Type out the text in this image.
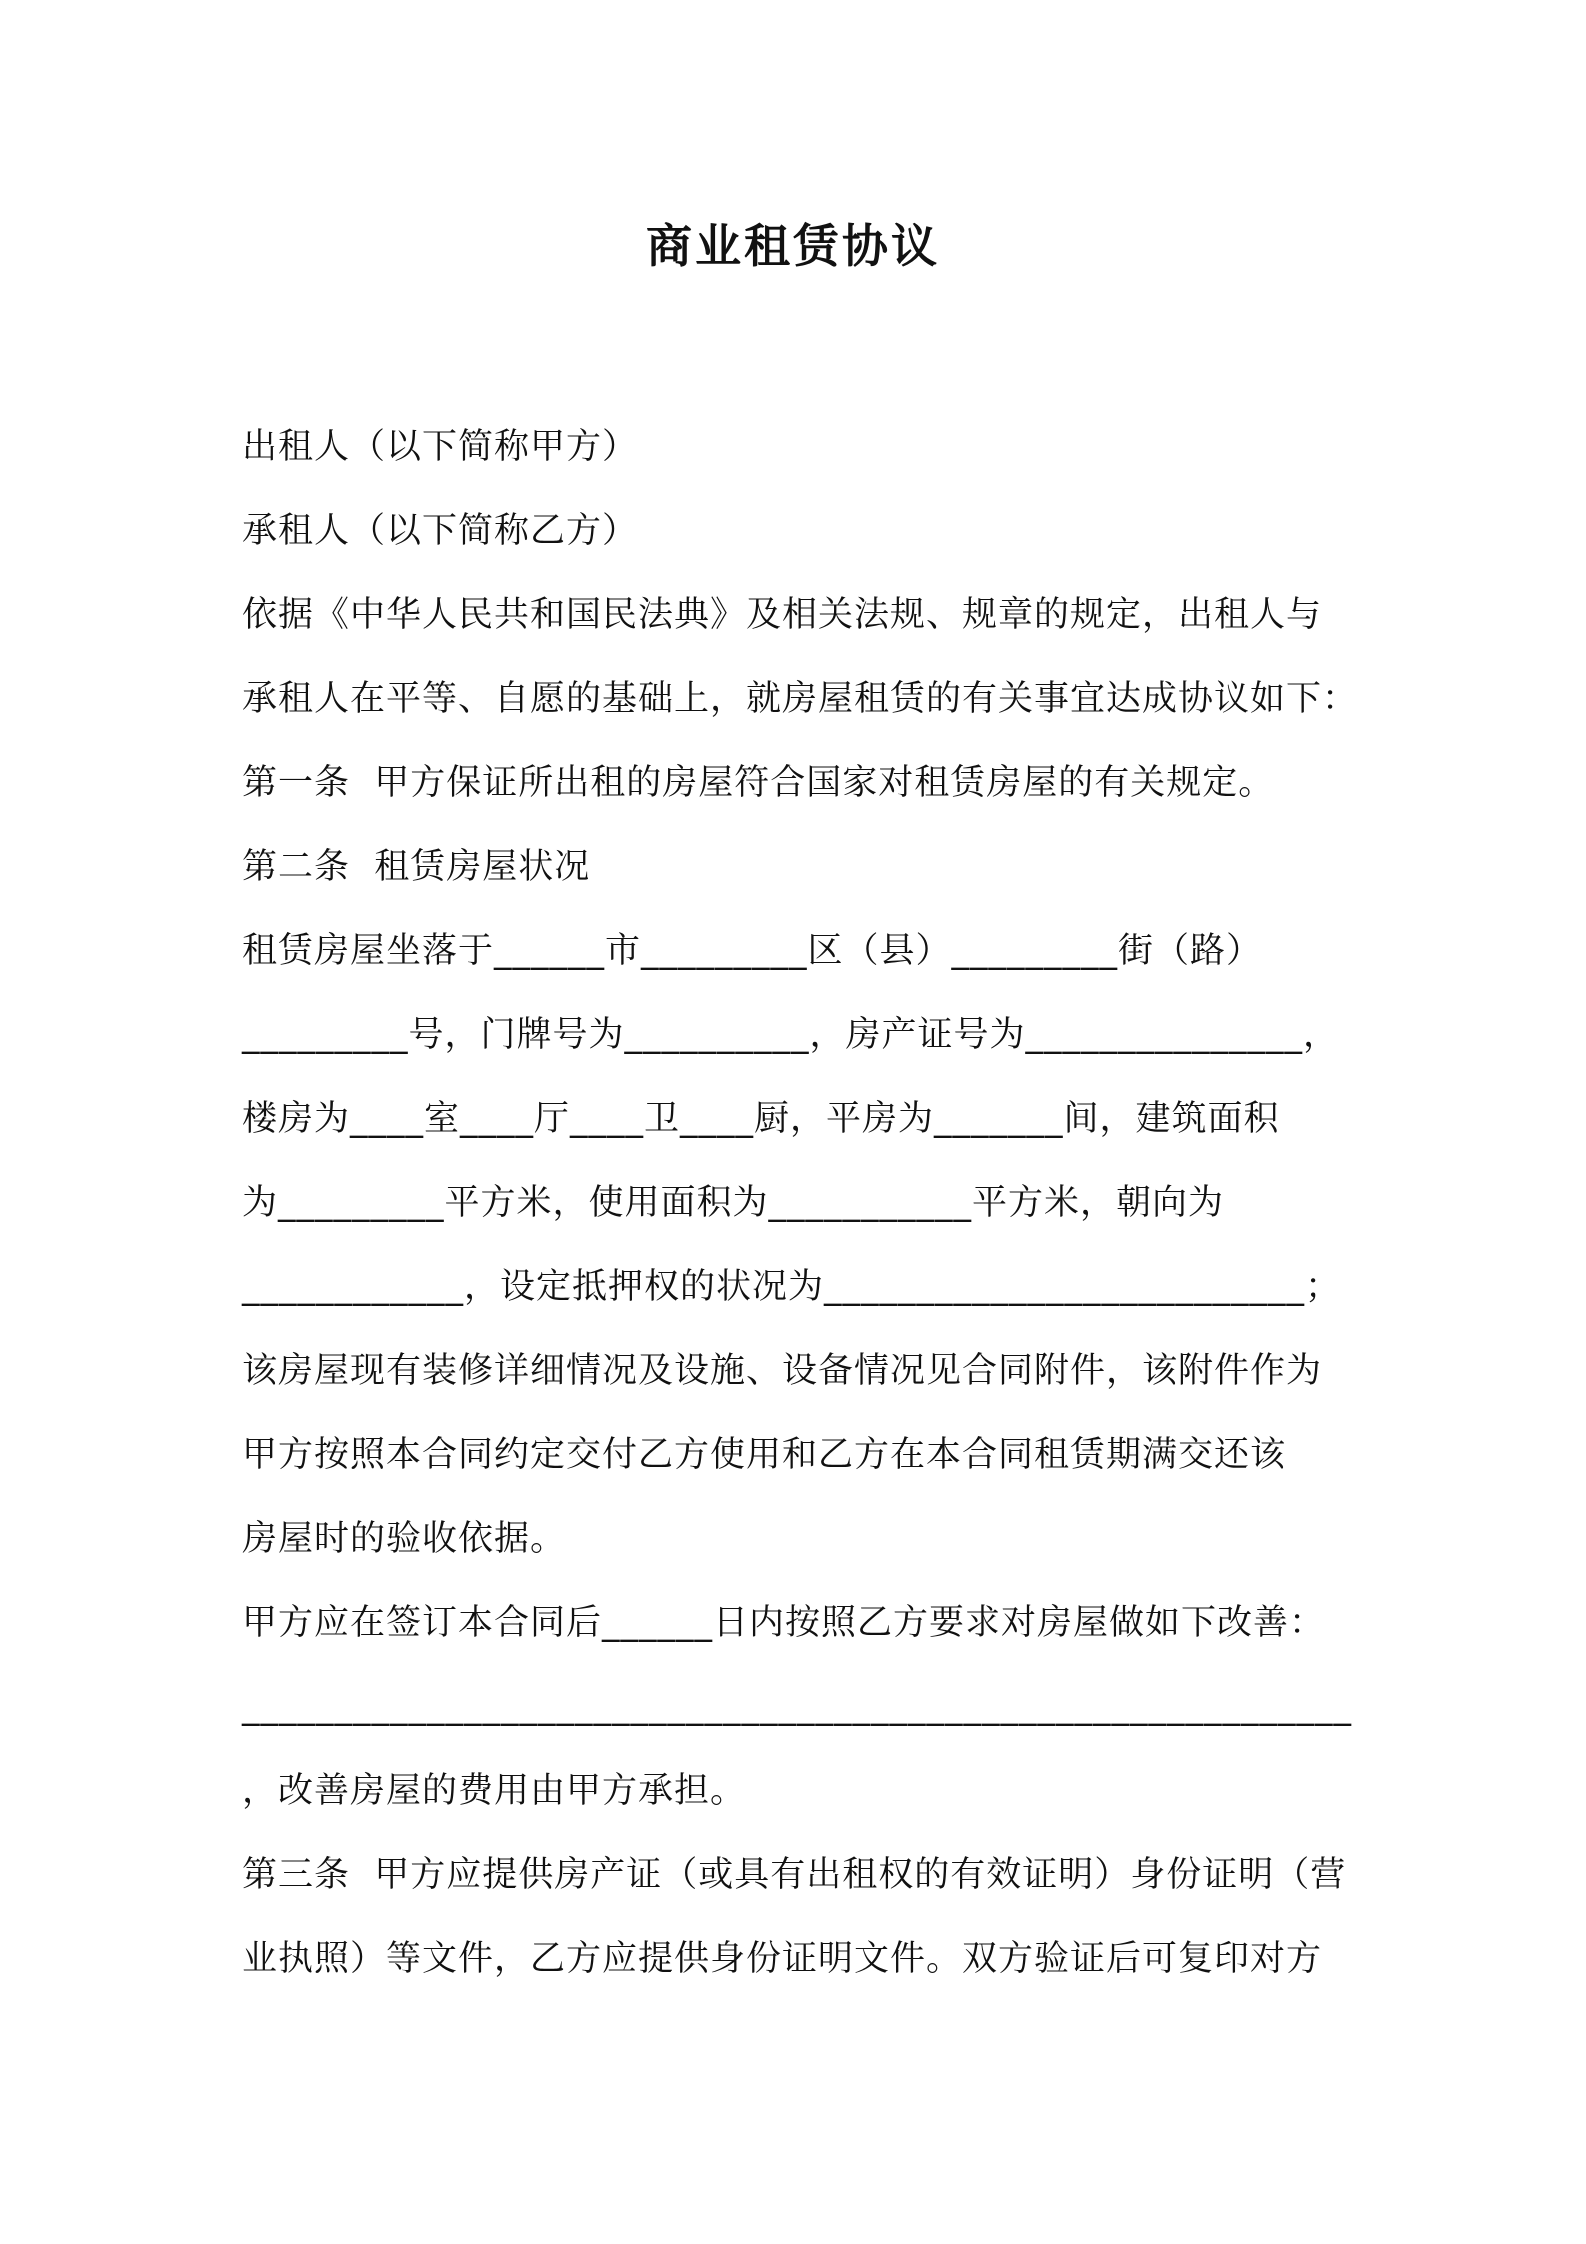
商业租赁协议
出租人（以下简称甲方）
承租人（以下简称乙方）
依据《中华人民共和国民法典》及相关法规、规章的规定，出租人与
承租人在平等、自愿的基础上，就房屋租赁的有关事宜达成协议如下：
第一条  甲方保证所出租的房屋符合国家对租赁房屋的有关规定。
第二条  租赁房屋状况
租赁房屋坐落于______市_________区（县）_________街（路）
_________号，门牌号为__________，房产证号为_______________，
楼房为____室____厅____卫____厨，平房为_______间，建筑面积
为_________平方米，使用面积为___________平方米，朝向为
____________，设定抵押权的状况为__________________________；
该房屋现有装修详细情况及设施、设备情况见合同附件，该附件作为
甲方按照本合同约定交付乙方使用和乙方在本合同租赁期满交还该
房屋时的验收依据。
甲方应在签订本合同后______日内按照乙方要求对房屋做如下改善：
____________________________________________________________
，改善房屋的费用由甲方承担。
第三条  甲方应提供房产证（或具有出租权的有效证明）身份证明（营
业执照）等文件，乙方应提供身份证明文件。双方验证后可复印对方
